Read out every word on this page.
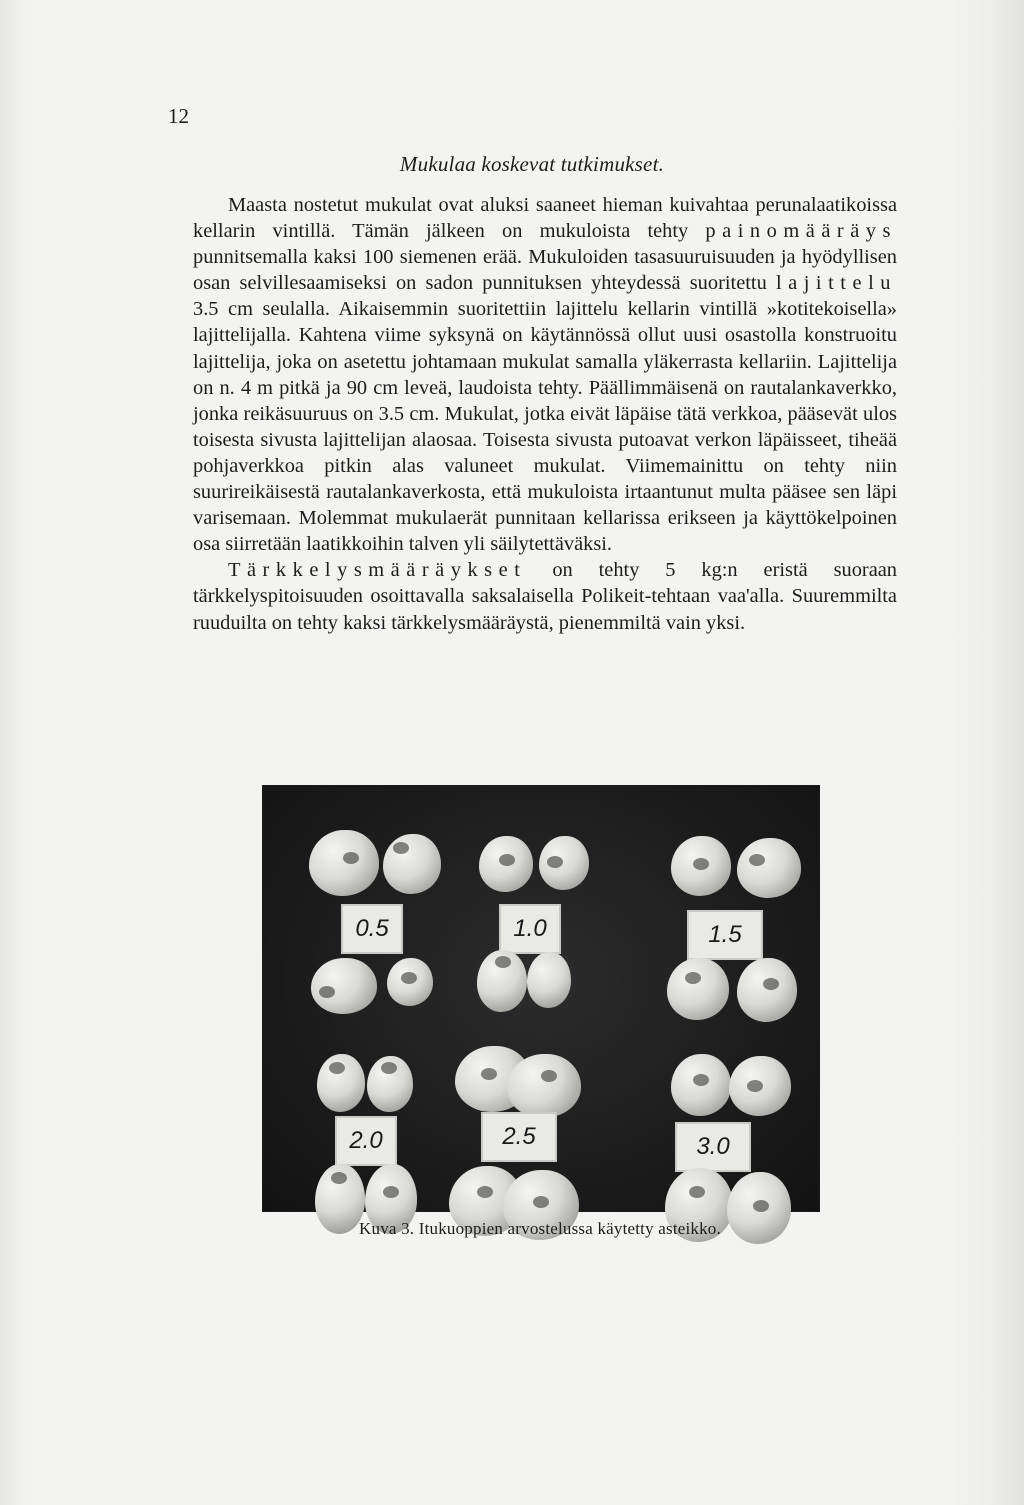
12
Mukulaa koskevat tutkimukset.

Maasta nostetut mukulat ovat aluksi saaneet hieman kuivahtaa perunalaatikoissa kellarin vintillä. Tämän jälkeen on mukuloista tehty painomääräys punnitsemalla kaksi 100 siemenen erää. Mukuloiden tasasuuruisuuden ja hyödyllisen osan selvillesaamiseksi on sadon punnituksen yhteydessä suoritettu lajittelu 3.5 cm seulalla. Aikaisemmin suoritettiin lajittelu kellarin vintillä »kotitekoisella» lajittelijalla. Kahtena viime syksynä on käytännössä ollut uusi osastolla konstruoitu lajittelija, joka on asetettu johtamaan mukulat samalla yläkerrasta kellariin. Lajittelija on n. 4 m pitkä ja 90 cm leveä, laudoista tehty. Päällimmäisenä on rautalankaverkko, jonka reikäsuuruus on 3.5 cm. Mukulat, jotka eivät läpäise tätä verkkoa, pääsevät ulos toisesta sivusta lajittelijan alaosaa. Toisesta sivusta putoavat verkon läpäisseet, tiheää pohjaverkkoa pitkin alas valuneet mukulat. Viimemainittu on tehty niin suurireikäisestä rautalankaverkosta, että mukuloista irtaantunut multa pääsee sen läpi varisemaan. Molemmat mukulaerät punnitaan kellarissa erikseen ja käyttökelpoinen osa siirretään laatikkoihin talven yli säilytettäväksi.

Tärkkelysmääräykset on tehty 5 kg:n eristä suoraan tärkkelyspitoisuuden osoittavalla saksalaisella Polikeit-tehtaan vaa'alla. Suuremmilta ruuduilta on tehty kaksi tärkkelysmääräystä, pienemmiltä vain yksi.

0.5	1.0	1.5
2.0	2.5	3.0
Kuva 3. Itukuoppien arvostelussa käytetty asteikko.
